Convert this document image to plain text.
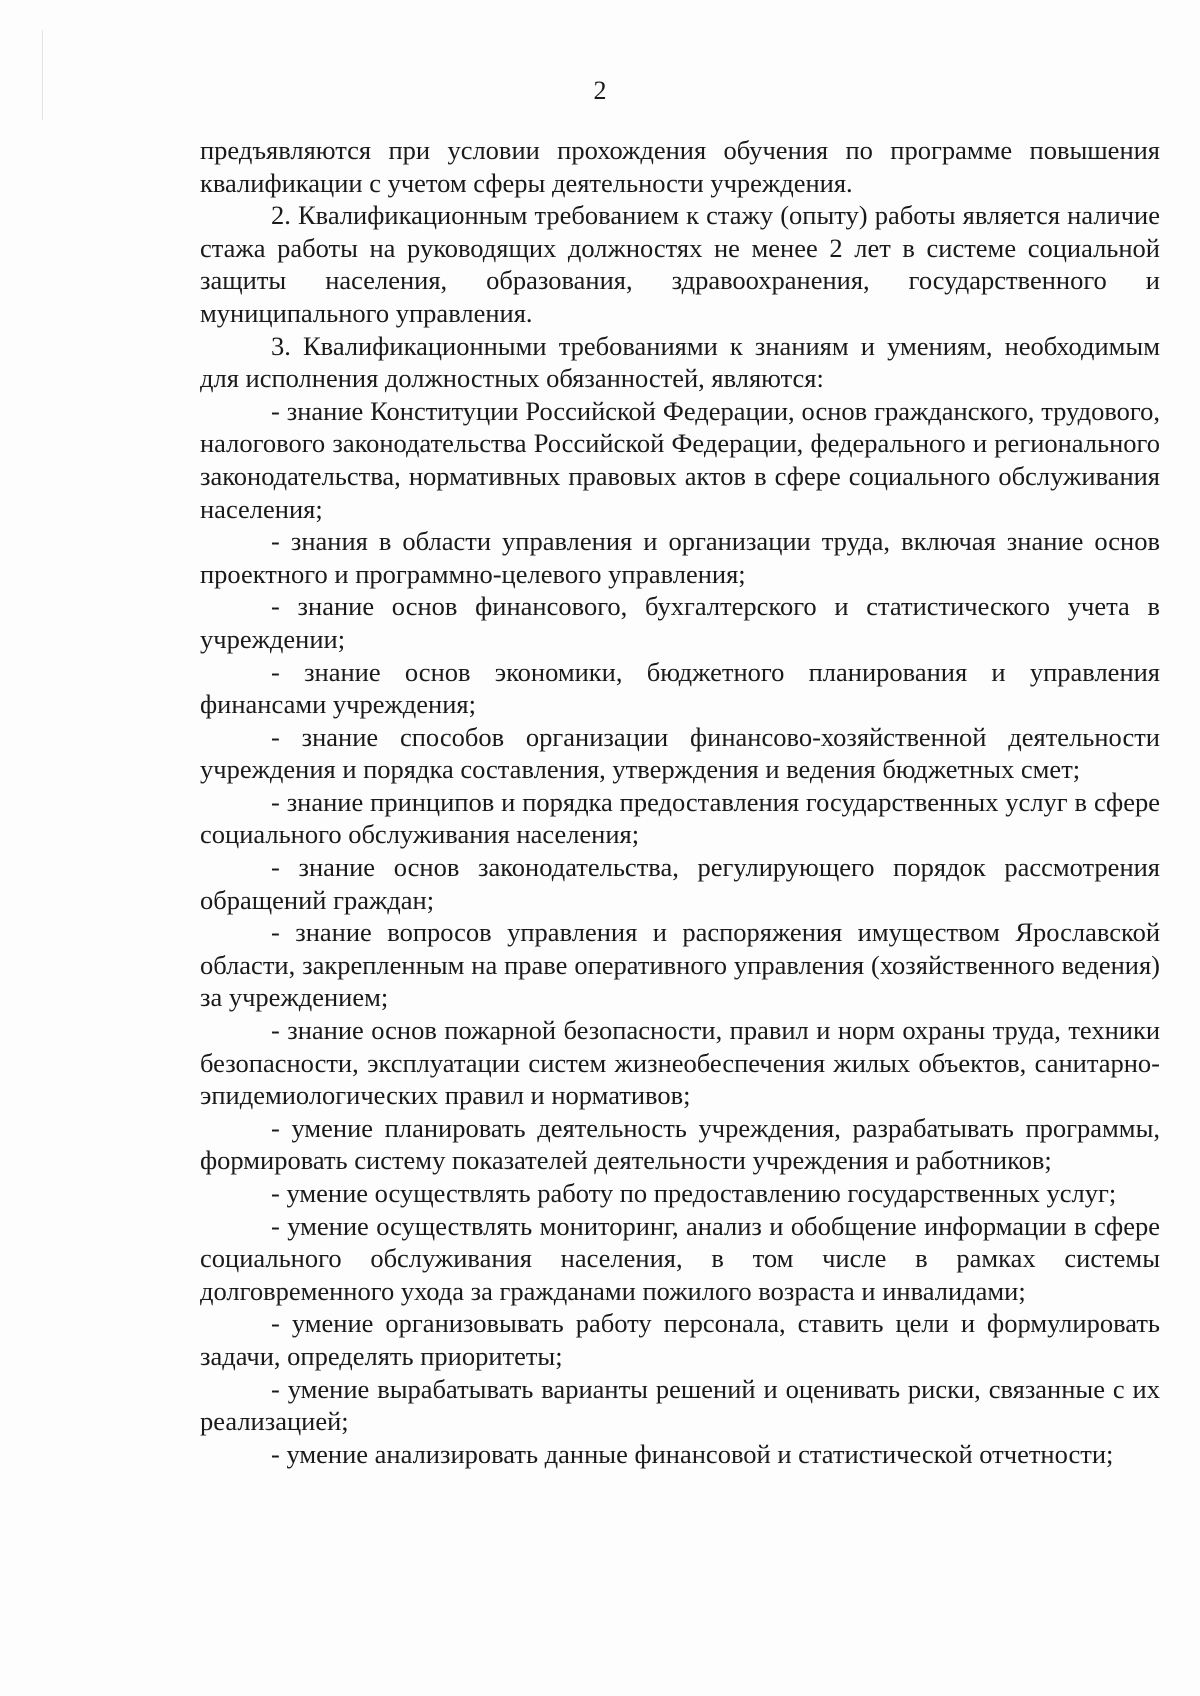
2

предъявляются при условии прохождения обучения по программе повышения квалификации с учетом сферы деятельности учреждения.

2. Квалификационным требованием к стажу (опыту) работы является наличие стажа работы на руководящих должностях не менее 2 лет в системе социальной защиты населения, образования, здравоохранения, государственного и муниципального управления.

3. Квалификационными требованиями к знаниям и умениям, необходимым для исполнения должностных обязанностей, являются:

- знание Конституции Российской Федерации, основ гражданского, трудового, налогового законодательства Российской Федерации, федерального и регионального законодательства, нормативных правовых актов в сфере социального обслуживания населения;

- знания в области управления и организации труда, включая знание основ проектного и программно-целевого управления;

- знание основ финансового, бухгалтерского и статистического учета в учреждении;

- знание основ экономики, бюджетного планирования и управления финансами учреждения;

- знание способов организации финансово-хозяйственной деятельности учреждения и порядка составления, утверждения и ведения бюджетных смет;

- знание принципов и порядка предоставления государственных услуг в сфере социального обслуживания населения;

- знание основ законодательства, регулирующего порядок рассмотрения обращений граждан;

- знание вопросов управления и распоряжения имуществом Ярославской области, закрепленным на праве оперативного управления (хозяйственного ведения) за учреждением;

- знание основ пожарной безопасности, правил и норм охраны труда, техники безопасности, эксплуатации систем жизнеобеспечения жилых объектов, санитарно-эпидемиологических правил и нормативов;

- умение планировать деятельность учреждения, разрабатывать программы, формировать систему показателей деятельности учреждения и работников;

- умение осуществлять работу по предоставлению государственных услуг;

- умение осуществлять мониторинг, анализ и обобщение информации в сфере социального обслуживания населения, в том числе в рамках системы долговременного ухода за гражданами пожилого возраста и инвалидами;

- умение организовывать работу персонала, ставить цели и формулировать задачи, определять приоритеты;

- умение вырабатывать варианты решений и оценивать риски, связанные с их реализацией;

- умение анализировать данные финансовой и статистической отчетности;
